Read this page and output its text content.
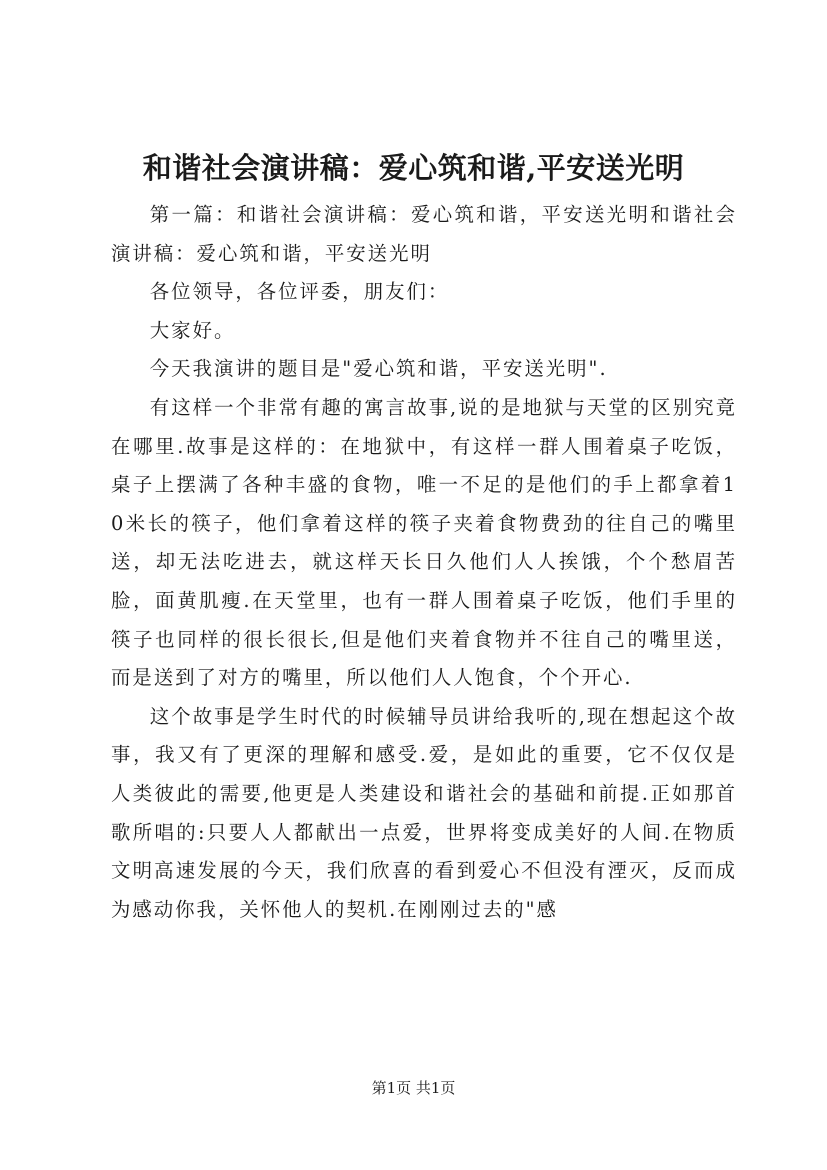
和谐社会演讲稿：爱心筑和谐,平安送光明

第一篇：和谐社会演讲稿：爱心筑和谐，平安送光明和谐社会演讲稿：爱心筑和谐，平安送光明

各位领导，各位评委，朋友们：

大家好。

今天我演讲的题目是"爱心筑和谐，平安送光明".

有这样一个非常有趣的寓言故事,说的是地狱与天堂的区别究竟在哪里.故事是这样的：在地狱中，有这样一群人围着桌子吃饭，桌子上摆满了各种丰盛的食物，唯一不足的是他们的手上都拿着10米长的筷子，他们拿着这样的筷子夹着食物费劲的往自己的嘴里送，却无法吃进去，就这样天长日久他们人人挨饿，个个愁眉苦脸，面黄肌瘦.在天堂里，也有一群人围着桌子吃饭，他们手里的筷子也同样的很长很长,但是他们夹着食物并不往自己的嘴里送，而是送到了对方的嘴里，所以他们人人饱食，个个开心.

这个故事是学生时代的时候辅导员讲给我听的,现在想起这个故事，我又有了更深的理解和感受.爱，是如此的重要，它不仅仅是人类彼此的需要,他更是人类建设和谐社会的基础和前提.正如那首歌所唱的:只要人人都献出一点爱，世界将变成美好的人间.在物质文明高速发展的今天，我们欣喜的看到爱心不但没有湮灭，反而成为感动你我，关怀他人的契机.在刚刚过去的"感

第1页 共1页
